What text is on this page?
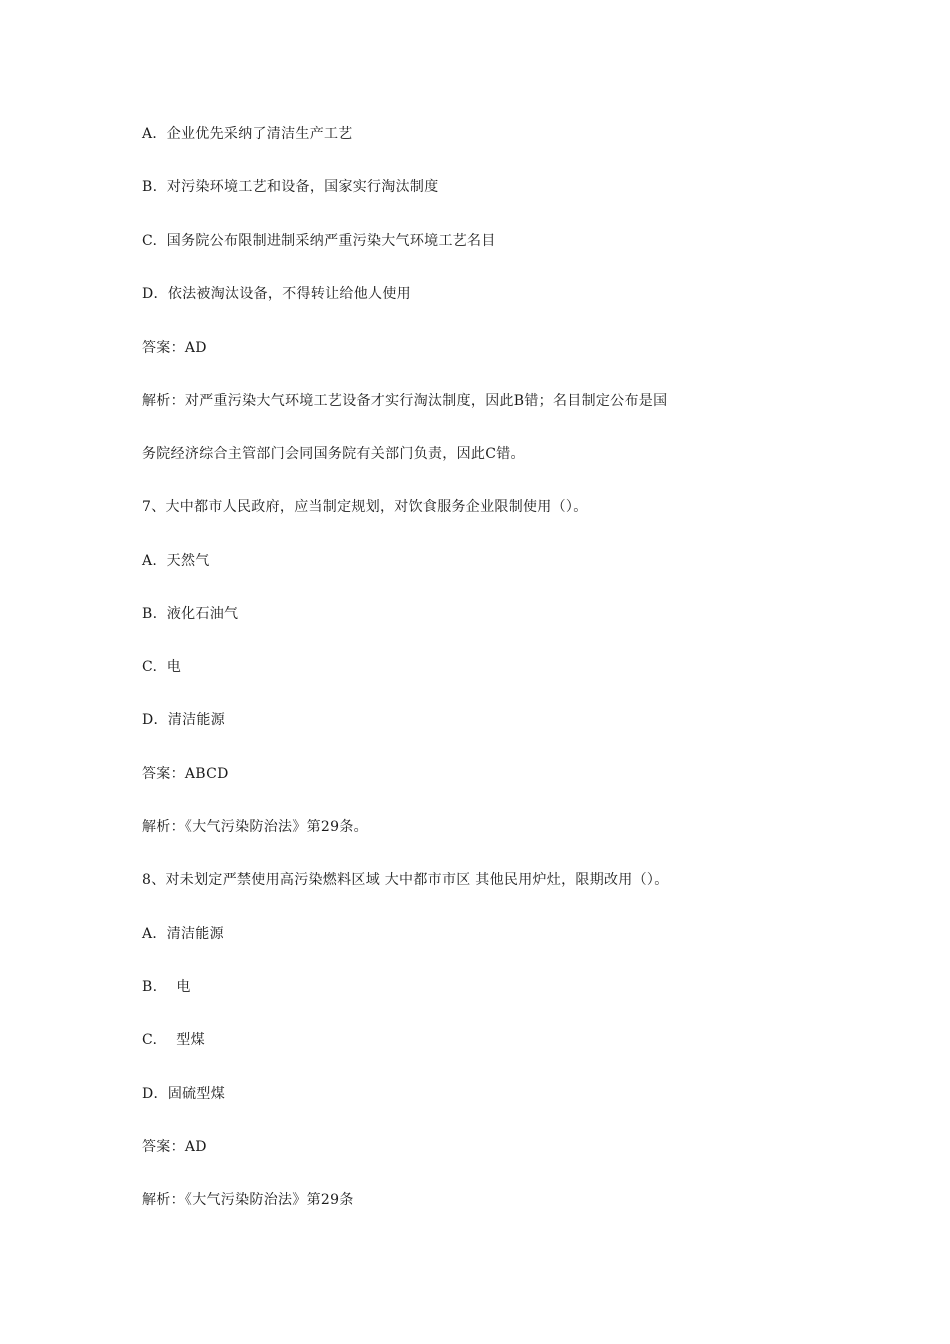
A．企业优先采纳了清洁生产工艺
B.  对污染环境工艺和设备，国家实行淘汰制度
C.  国务院公布限制进制采纳严重污染大气环境工艺名目
D．依法被淘汰设备，不得转让给他人使用
答案：AD
解析：对严重污染大气环境工艺设备才实行淘汰制度，因此B错；名目制定公布是国
务院经济综合主管部门会同国务院有关部门负责，因此C错。
7、大中都市人民政府，应当制定规划，对饮食服务企业限制使用（）。
A.  天然气
B.  液化石油气
C.  电
D．清洁能源
答案：ABCD
解析：《大气污染防治法》第29条。
8、对未划定严禁使用高污染燃料区域 大中都市市区 其他民用炉灶，限期改用（）。
A．清洁能源
B.    电
C.    型煤
D．固硫型煤
答案：AD
解析：《大气污染防治法》第29条
